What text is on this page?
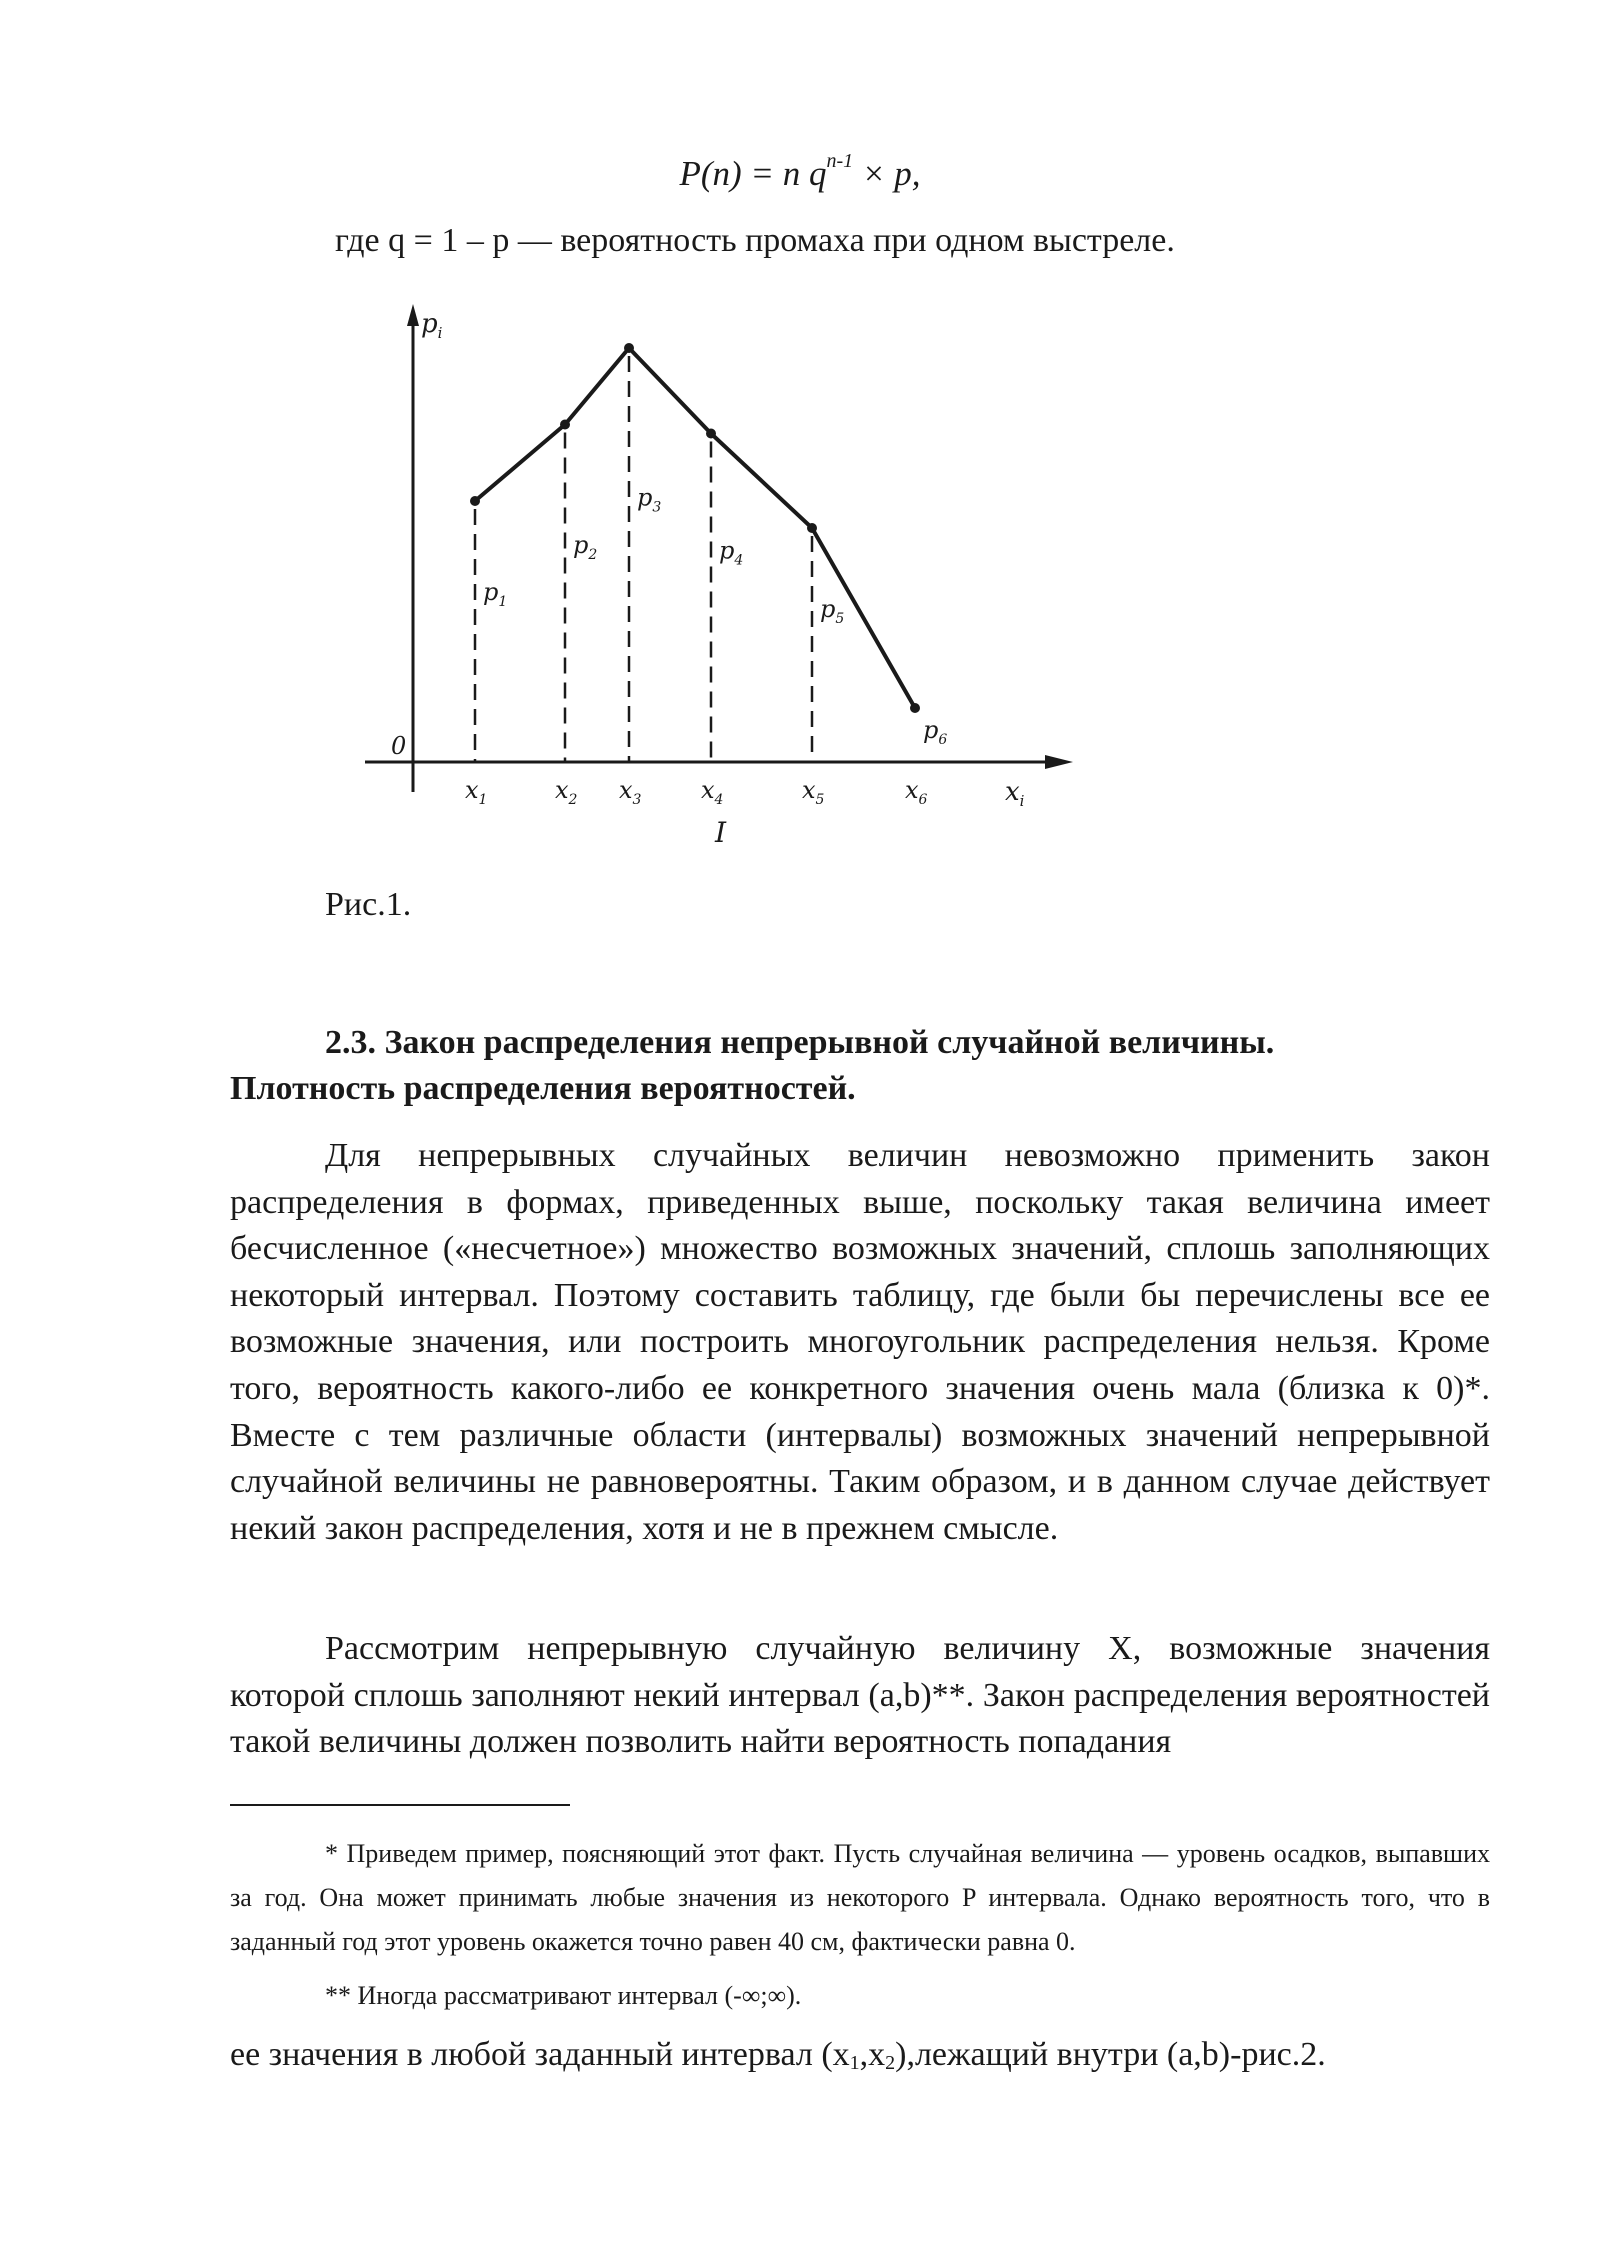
P(n) = n $q^{n-1} \times p$,

где q = 1 – p — вероятность промаха при одном выстреле.

$p_1$
$p_2$
$p_3$
$p_4$
$p_5$
$p_6$
$x_1$	$x_2$ $x_3$ $x_4$	$x_5$	$x_6$
$p_i$
$x_i$
0
I

Рис.1.

2.3. Закон распределения непрерывной случайной величины.
Плотность распределения вероятностей.

Для непрерывных случайных величин невозможно применить закон распределения в формах, приведенных выше, поскольку такая величина имеет бесчисленное («несчетное») множество возможных значений, сплошь заполняющих некоторый интервал. Поэтому составить таблицу, где были бы перечислены все ее возможные значения, или построить многоугольник распределения нельзя. Кроме того, вероятность какого-либо ее конкретного значения очень мала (близка к 0)*. Вместе с тем различные области (интервалы) возможных значений непрерывной случайной величины не равновероятны. Таким образом, и в данном случае действует некий закон распределения, хотя и не в прежнем смысле.

Рассмотрим непрерывную случайную величину X, возможные значения которой сплошь заполняют некий интервал (a,b)**. Закон распределения вероятностей такой величины должен позволить найти вероятность попадания

* Приведем пример, поясняющий этот факт. Пусть случайная величина — уровень осадков, выпавших за год. Она может принимать любые значения из некоторого P интервала. Однако вероятность того, что в заданный год этот уровень окажется точно равен 40 см, фактически равна 0.

** Иногда рассматривают интервал (-∞;∞).

ее значения в любой заданный интервал $(x_1,x_2),лежащий$ внутри (a,b)-рис.2.
